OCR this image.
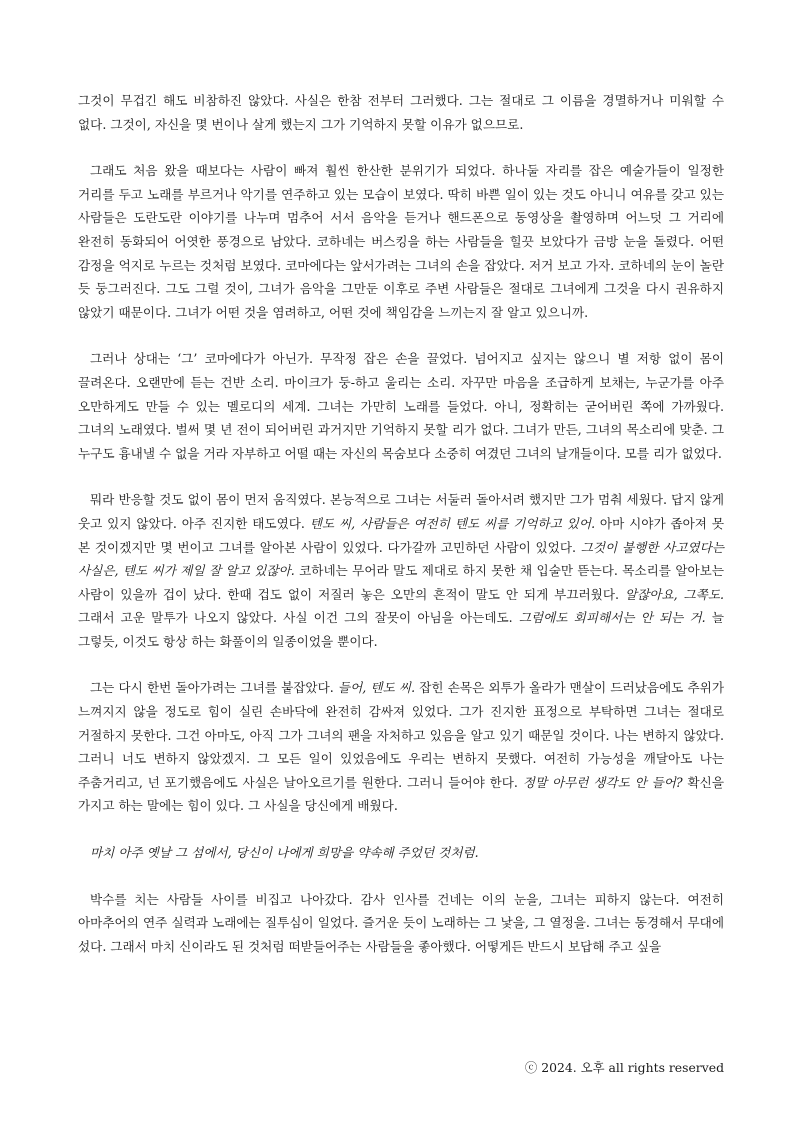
그것이 무겁긴 해도 비참하진 않았다. 사실은 한참 전부터 그러했다. 그는 절대로 그 이름을 경멸하거나 미워할 수 없다. 그것이, 자신을 몇 번이나 살게 했는지 그가 기억하지 못할 이유가 없으므로.

그래도 처음 왔을 때보다는 사람이 빠져 훨씬 한산한 분위기가 되었다. 하나둘 자리를 잡은 예술가들이 일정한 거리를 두고 노래를 부르거나 악기를 연주하고 있는 모습이 보였다. 딱히 바쁜 일이 있는 것도 아니니 여유를 갖고 있는 사람들은 도란도란 이야기를 나누며 멈추어 서서 음악을 듣거나 핸드폰으로 동영상을 촬영하며 어느덧 그 거리에 완전히 동화되어 어엿한 풍경으로 남았다. 코하네는 버스킹을 하는 사람들을 힐끗 보았다가 금방 눈을 돌렸다. 어떤 감정을 억지로 누르는 것처럼 보였다. 코마에다는 앞서가려는 그녀의 손을 잡았다. 저거 보고 가자. 코하네의 눈이 놀란 듯 둥그러진다. 그도 그럴 것이, 그녀가 음악을 그만둔 이후로 주변 사람들은 절대로 그녀에게 그것을 다시 권유하지 않았기 때문이다. 그녀가 어떤 것을 염려하고, 어떤 것에 책임감을 느끼는지 잘 알고 있으니까.

그러나 상대는 ‘그’ 코마에다가 아닌가. 무작정 잡은 손을 끌었다. 넘어지고 싶지는 않으니 별 저항 없이 몸이 끌려온다. 오랜만에 듣는 건반 소리. 마이크가 둥-하고 울리는 소리. 자꾸만 마음을 조급하게 보채는, 누군가를 아주 오만하게도 만들 수 있는 멜로디의 세계. 그녀는 가만히 노래를 들었다. 아니, 정확히는 굳어버린 쪽에 가까웠다. 그녀의 노래였다. 벌써 몇 년 전이 되어버린 과거지만 기억하지 못할 리가 없다. 그녀가 만든, 그녀의 목소리에 맞춘. 그 누구도 흉내낼 수 없을 거라 자부하고 어떨 때는 자신의 목숨보다 소중히 여겼던 그녀의 날개들이다. 모를 리가 없었다.

뭐라 반응할 것도 없이 몸이 먼저 움직였다. 본능적으로 그녀는 서둘러 돌아서려 했지만 그가 멈춰 세웠다. 답지 않게 웃고 있지 않았다. 아주 진지한 태도였다. 텐도 씨, 사람들은 여전히 텐도 씨를 기억하고 있어. 아마 시야가 좁아져 못 본 것이겠지만 몇 번이고 그녀를 알아본 사람이 있었다. 다가갈까 고민하던 사람이 있었다. 그것이 불행한 사고였다는 사실은, 텐도 씨가 제일 잘 알고 있잖아. 코하네는 무어라 말도 제대로 하지 못한 채 입술만 뜯는다. 목소리를 알아보는 사람이 있을까 겁이 났다. 한때 겁도 없이 저질러 놓은 오만의 흔적이 말도 안 되게 부끄러웠다. 알잖아요, 그쪽도. 그래서 고운 말투가 나오지 않았다. 사실 이건 그의 잘못이 아님을 아는데도. 그럼에도 회피해서는 안 되는 거. 늘 그렇듯, 이것도 항상 하는 화풀이의 일종이었을 뿐이다.

그는 다시 한번 돌아가려는 그녀를 붙잡았다. 들어, 텐도 씨. 잡힌 손목은 외투가 올라가 맨살이 드러났음에도 추위가 느껴지지 않을 정도로 힘이 실린 손바닥에 완전히 감싸져 있었다. 그가 진지한 표정으로 부탁하면 그녀는 절대로 거절하지 못한다. 그건 아마도, 아직 그가 그녀의 팬을 자처하고 있음을 알고 있기 때문일 것이다. 나는 변하지 않았다. 그러니 너도 변하지 않았겠지. 그 모든 일이 있었음에도 우리는 변하지 못했다. 여전히 가능성을 깨달아도 나는 주춤거리고, 넌 포기했음에도 사실은 날아오르기를 원한다. 그러니 들어야 한다. 정말 아무런 생각도 안 들어? 확신을 가지고 하는 말에는 힘이 있다. 그 사실을 당신에게 배웠다.

마치 아주 옛날 그 섬에서, 당신이 나에게 희망을 약속해 주었던 것처럼.

박수를 치는 사람들 사이를 비집고 나아갔다. 감사 인사를 건네는 이의 눈을, 그녀는 피하지 않는다. 여전히 아마추어의 연주 실력과 노래에는 질투심이 일었다. 즐거운 듯이 노래하는 그 낯을, 그 열정을. 그녀는 동경해서 무대에 섰다. 그래서 마치 신이라도 된 것처럼 떠받들어주는 사람들을 좋아했다. 어떻게든 반드시 보답해 주고 싶을

ⓒ 2024. 오후 all rights reserved
